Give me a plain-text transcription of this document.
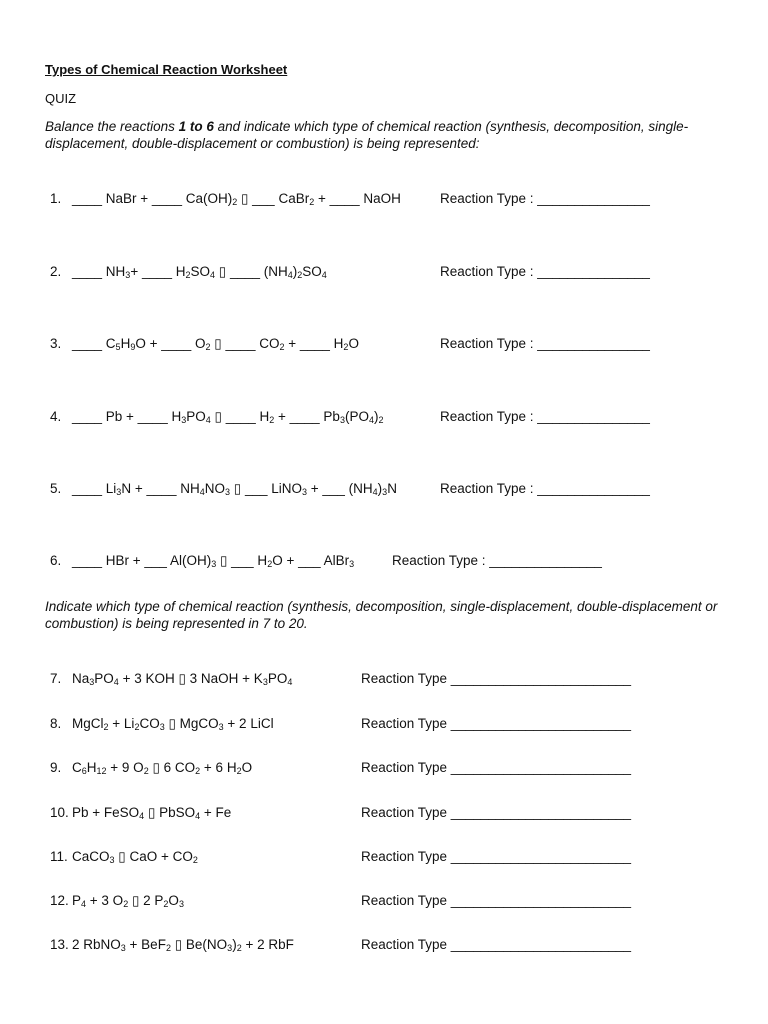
Types of Chemical Reaction Worksheet
QUIZ
Balance the reactions 1 to 6 and indicate which type of chemical reaction (synthesis, decomposition, single-displacement, double-displacement or combustion) is being represented:
1. ____ NaBr + ____ $Ca(OH)_2$ ▯ ___ CaBr$_2$ + ____ NaOH	Reaction Type : _______________
2. ____ $NH_3+$ ____ $H_2SO_4$ ▯ ____ $(NH_4)_2SO_4$	Reaction Type : _______________
3. ____ $C_5H_9O$ + ____ $O_2$ ▯ ____ $CO_2$ + ____ $H_2O$	Reaction Type : _______________
4. ____ Pb + ____ $H_3PO_4$ ▯ ____ $H_2$ + ____ $Pb_3(PO_4)_2$	Reaction Type : _______________
5. ____ $Li_3N$ + ____ $NH_4NO_3$ ▯ ___ LiNO$_3$ + ___ $(NH_4)_3N$	Reaction Type : _______________
6. ____ HBr + ___ $Al(OH)_3$ ▯ ___ $H_2O$ + ___ AlBr$_3$	Reaction Type : _______________
Indicate which type of chemical reaction (synthesis, decomposition, single-displacement, double-displacement or combustion) is being represented in 7 to 20.
7. $Na_3PO_4 + 3$ KOH ▯ 3 NaOH + $K_3PO_4$	Reaction Type ________________________
8. MgCl$_2$ + $Li_2CO_3$ ▯ MgCO$_3$ + 2 LiCl	Reaction Type ________________________
9. $C_6H_{12} + 9$ $O_2$ ▯ 6 $CO_2 + 6$ $H_2O$	Reaction Type ________________________
10. Pb + FeSO$_4$ ▯ PbSO$_4$ + Fe	Reaction Type ________________________
11. CaCO$_3$ ▯ CaO + $CO_2$	Reaction Type ________________________
12. $P_4 + 3$ $O_2$ ▯ 2 $P_2O_3$	Reaction Type ________________________
13. 2 RbNO$_3$ + BeF$_2$ ▯ $Be(NO_3)_2 + 2$ RbF	Reaction Type ________________________
